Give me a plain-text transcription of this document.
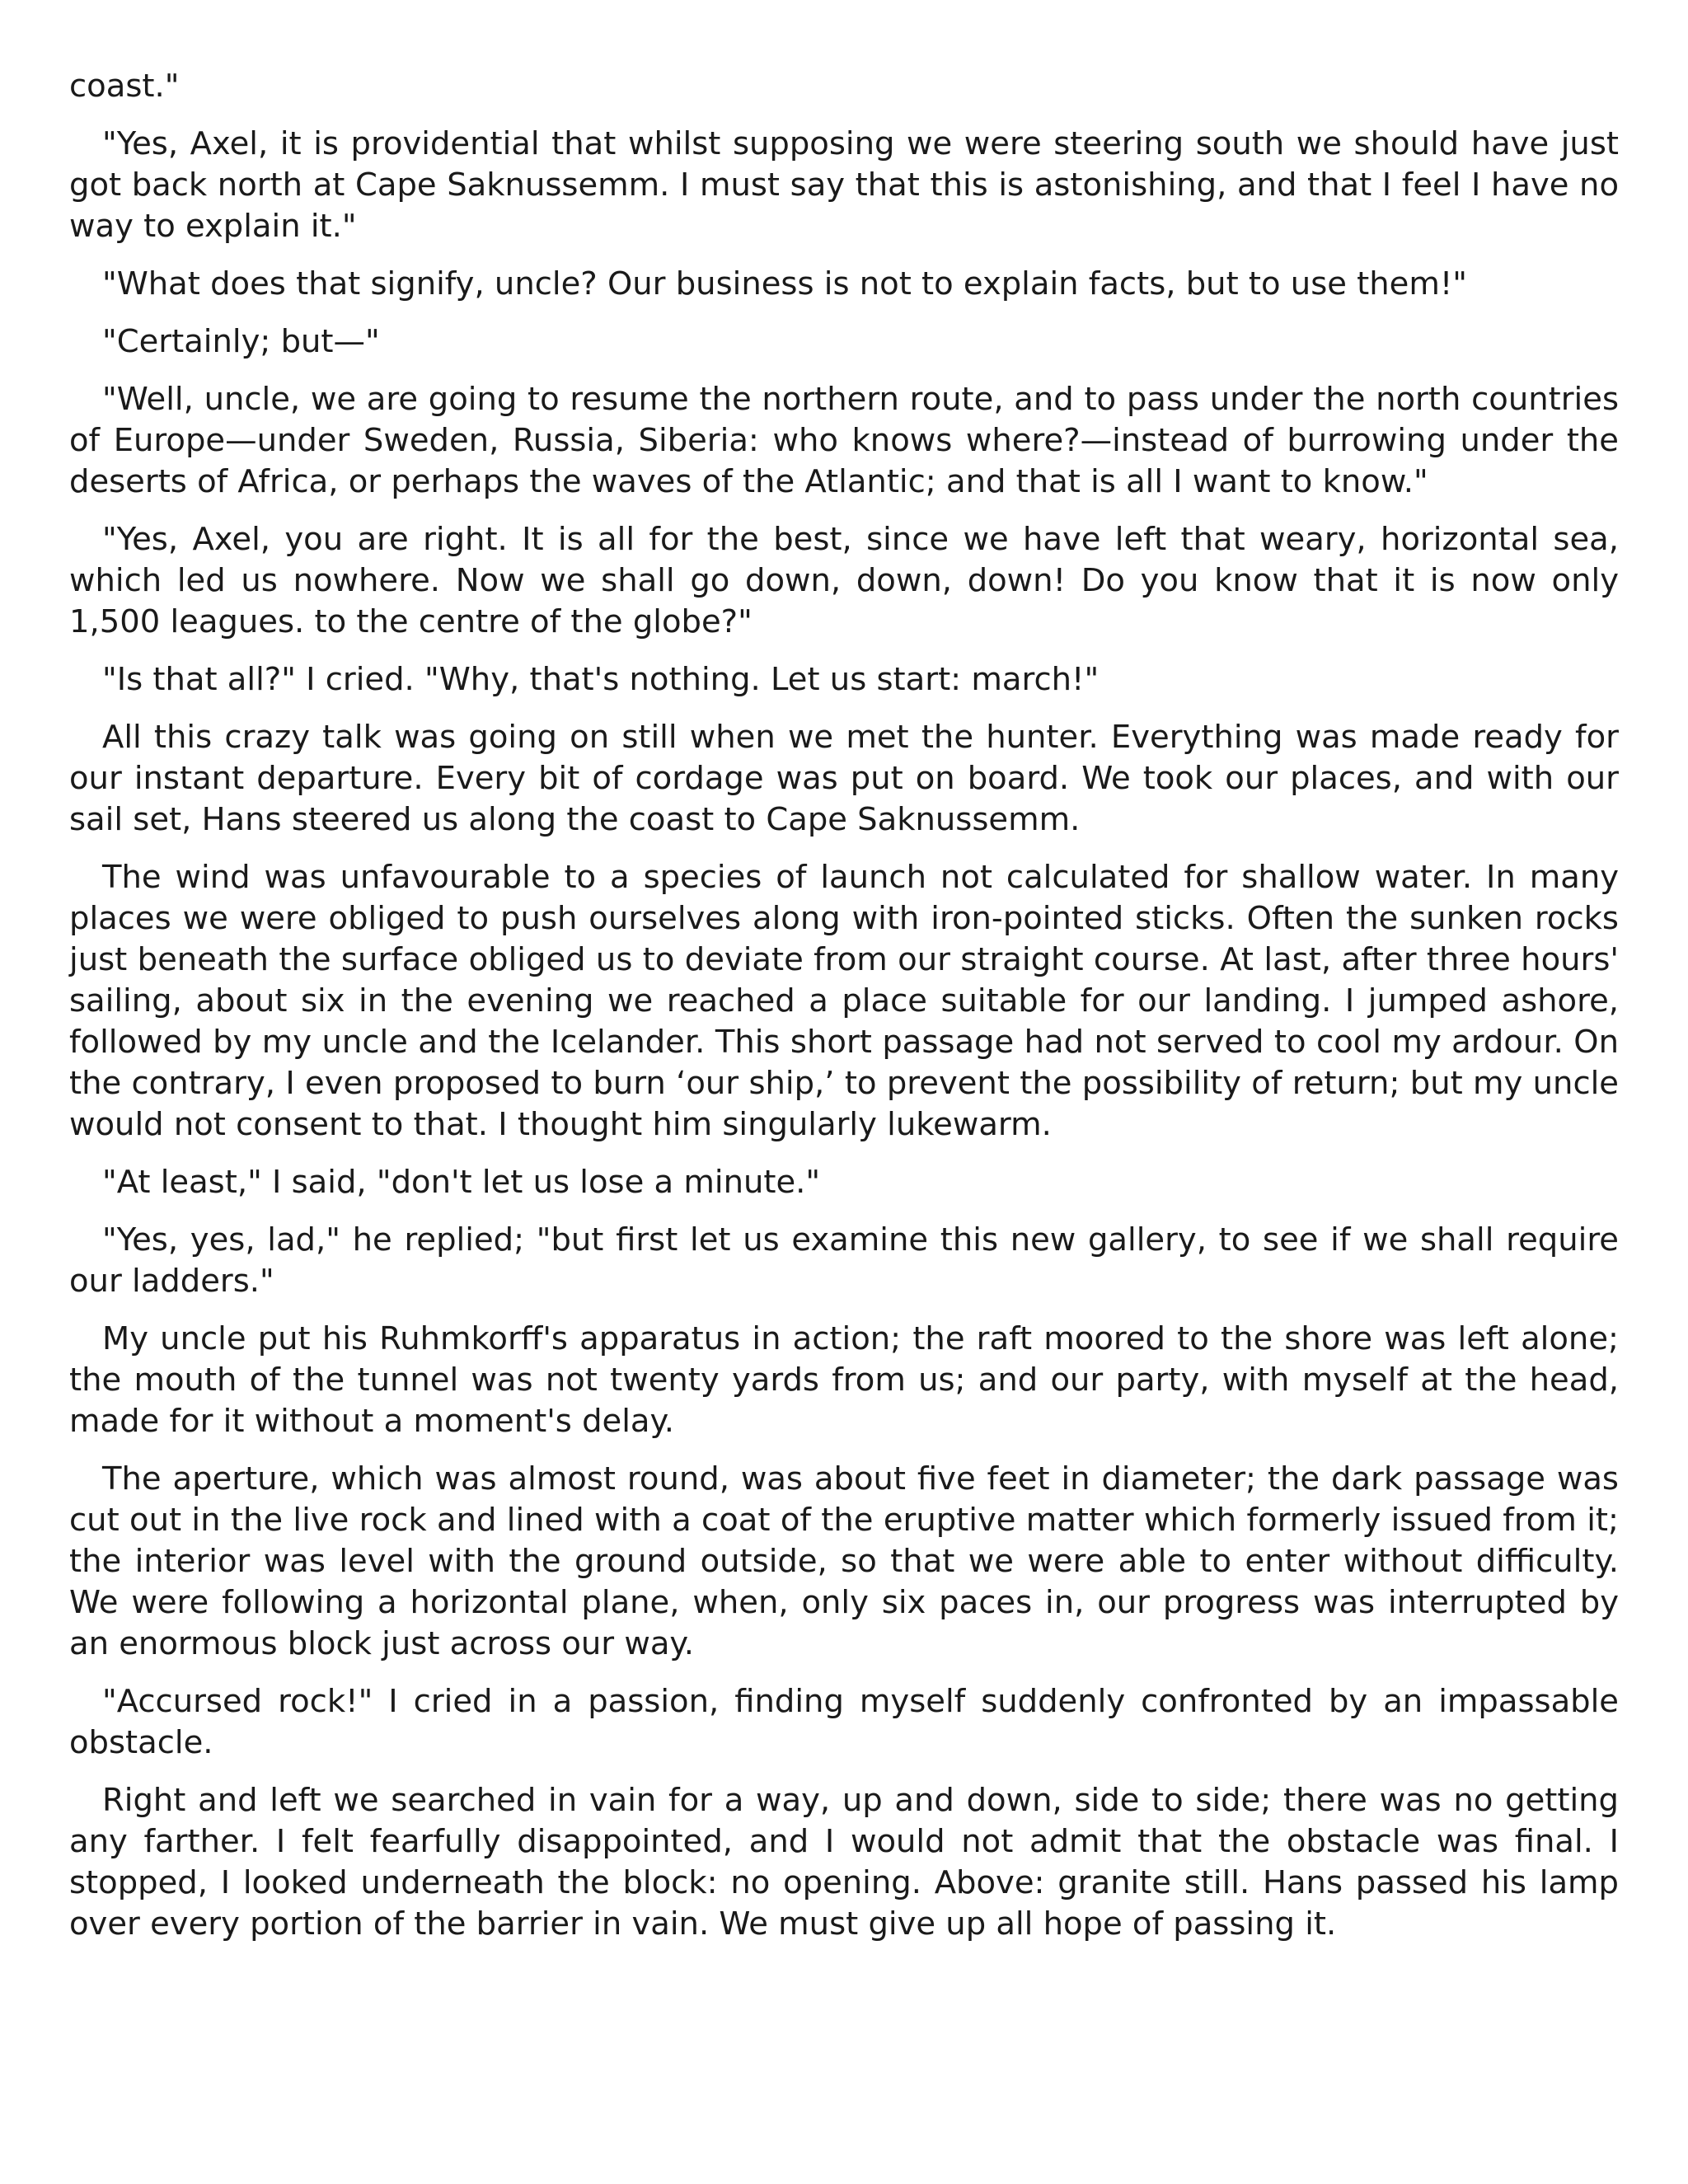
coast."

"Yes, Axel, it is providential that whilst supposing we were steering south we should have just got back north at Cape Saknussemm. I must say that this is astonishing, and that I feel I have no way to explain it."

"What does that signify, uncle? Our business is not to explain facts, but to use them!"

"Certainly; but—"

"Well, uncle, we are going to resume the northern route, and to pass under the north countries of Europe—under Sweden, Russia, Siberia: who knows where?—instead of burrowing under the deserts of Africa, or perhaps the waves of the Atlantic; and that is all I want to know."

"Yes, Axel, you are right. It is all for the best, since we have left that weary, horizontal sea, which led us nowhere. Now we shall go down, down, down! Do you know that it is now only 1,500 leagues. to the centre of the globe?"

"Is that all?" I cried. "Why, that's nothing. Let us start: march!"

All this crazy talk was going on still when we met the hunter. Everything was made ready for our instant departure. Every bit of cordage was put on board. We took our places, and with our sail set, Hans steered us along the coast to Cape Saknussemm.

The wind was unfavourable to a species of launch not calculated for shallow water. In many places we were obliged to push ourselves along with iron-pointed sticks. Often the sunken rocks just beneath the surface obliged us to deviate from our straight course. At last, after three hours' sailing, about six in the evening we reached a place suitable for our landing. I jumped ashore, followed by my uncle and the Icelander. This short passage had not served to cool my ardour. On the contrary, I even proposed to burn ‘our ship,’ to prevent the possibility of return; but my uncle would not consent to that. I thought him singularly lukewarm.

"At least," I said, "don't let us lose a minute."

"Yes, yes, lad," he replied; "but first let us examine this new gallery, to see if we shall require our ladders."

My uncle put his Ruhmkorff's apparatus in action; the raft moored to the shore was left alone; the mouth of the tunnel was not twenty yards from us; and our party, with myself at the head, made for it without a moment's delay.

The aperture, which was almost round, was about five feet in diameter; the dark passage was cut out in the live rock and lined with a coat of the eruptive matter which formerly issued from it; the interior was level with the ground outside, so that we were able to enter without difficulty. We were following a horizontal plane, when, only six paces in, our progress was interrupted by an enormous block just across our way.

"Accursed rock!" I cried in a passion, finding myself suddenly confronted by an impassable obstacle.

Right and left we searched in vain for a way, up and down, side to side; there was no getting any farther. I felt fearfully disappointed, and I would not admit that the obstacle was final. I stopped, I looked underneath the block: no opening. Above: granite still. Hans passed his lamp over every portion of the barrier in vain. We must give up all hope of passing it.
